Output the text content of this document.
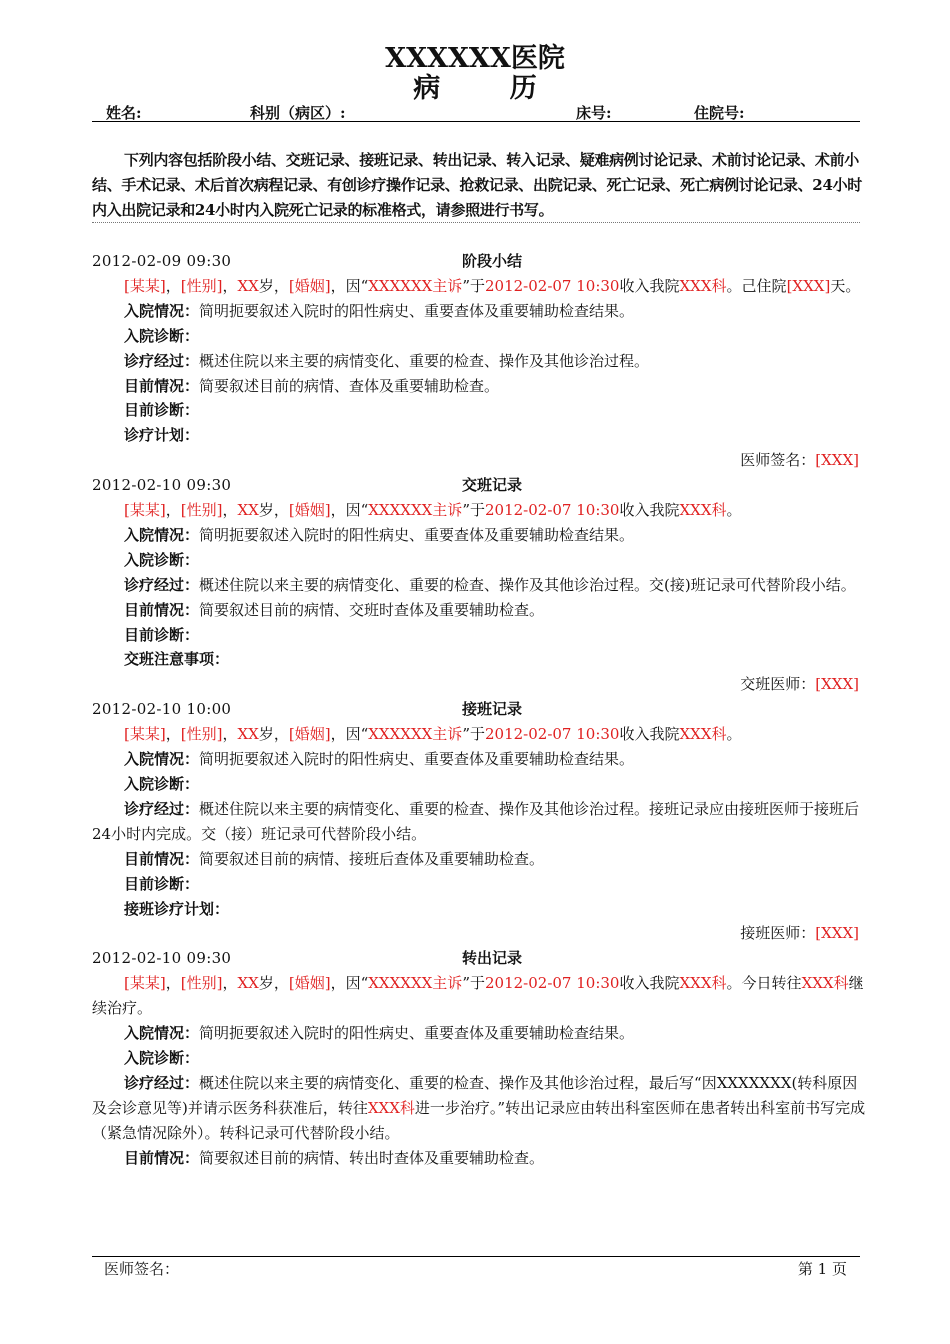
XXXXXX医院
病 历
姓名:	科别（病区）:	床号:	住院号:
下列内容包括阶段小结、交班记录、接班记录、转出记录、转入记录、疑难病例讨论记录、术前讨论记录、术前小结、手术记录、术后首次病程记录、有创诊疗操作记录、抢救记录、出院记录、死亡记录、死亡病例讨论记录、24小时内入出院记录和24小时内入院死亡记录的标准格式，请参照进行书写。
2012-02-09 09:30	阶段小结

[某某]，[性别]，XX岁，[婚姻]，因“XXXXXX主诉”于2012-02-07 10:30收入我院XXX科。己住院[XXX]天。

入院情况：简明扼要叙述入院时的阳性病史、重要查体及重要辅助检查结果。

入院诊断：

诊疗经过：概述住院以来主要的病情变化、重要的检查、操作及其他诊治过程。

目前情况：简要叙述目前的病情、查体及重要辅助检查。

目前诊断：

诊疗计划：

医师签名：[XXX]

2012-02-10 09:30	交班记录

[某某]，[性别]，XX岁，[婚姻]，因“XXXXXX主诉”于2012-02-07 10:30收入我院XXX科。

入院情况：简明扼要叙述入院时的阳性病史、重要查体及重要辅助检查结果。

入院诊断：

诊疗经过：概述住院以来主要的病情变化、重要的检查、操作及其他诊治过程。交(接)班记录可代替阶段小结。

目前情况：简要叙述目前的病情、交班时查体及重要辅助检查。

目前诊断：

交班注意事项：

交班医师：[XXX]

2012-02-10 10:00	接班记录

[某某]，[性别]，XX岁，[婚姻]，因“XXXXXX主诉”于2012-02-07 10:30收入我院XXX科。

入院情况：简明扼要叙述入院时的阳性病史、重要查体及重要辅助检查结果。

入院诊断：

诊疗经过：概述住院以来主要的病情变化、重要的检查、操作及其他诊治过程。接班记录应由接班医师于接班后24小时内完成。交（接）班记录可代替阶段小结。

目前情况：简要叙述目前的病情、接班后查体及重要辅助检查。

目前诊断：

接班诊疗计划：

接班医师：[XXX]

2012-02-10 09:30	转出记录

[某某]，[性别]，XX岁，[婚姻]，因“XXXXXX主诉”于2012-02-07 10:30收入我院XXX科。今日转往XXX科继续治疗。

入院情况：简明扼要叙述入院时的阳性病史、重要查体及重要辅助检查结果。

入院诊断：

诊疗经过：概述住院以来主要的病情变化、重要的检查、操作及其他诊治过程，最后写“因XXXXXXX(转科原因及会诊意见等)并请示医务科获准后，转往XXX科进一步治疗。”转出记录应由转出科室医师在患者转出科室前书写完成（紧急情况除外）。转科记录可代替阶段小结。

目前情况：简要叙述目前的病情、转出时查体及重要辅助检查。

医师签名：	第 1 页
